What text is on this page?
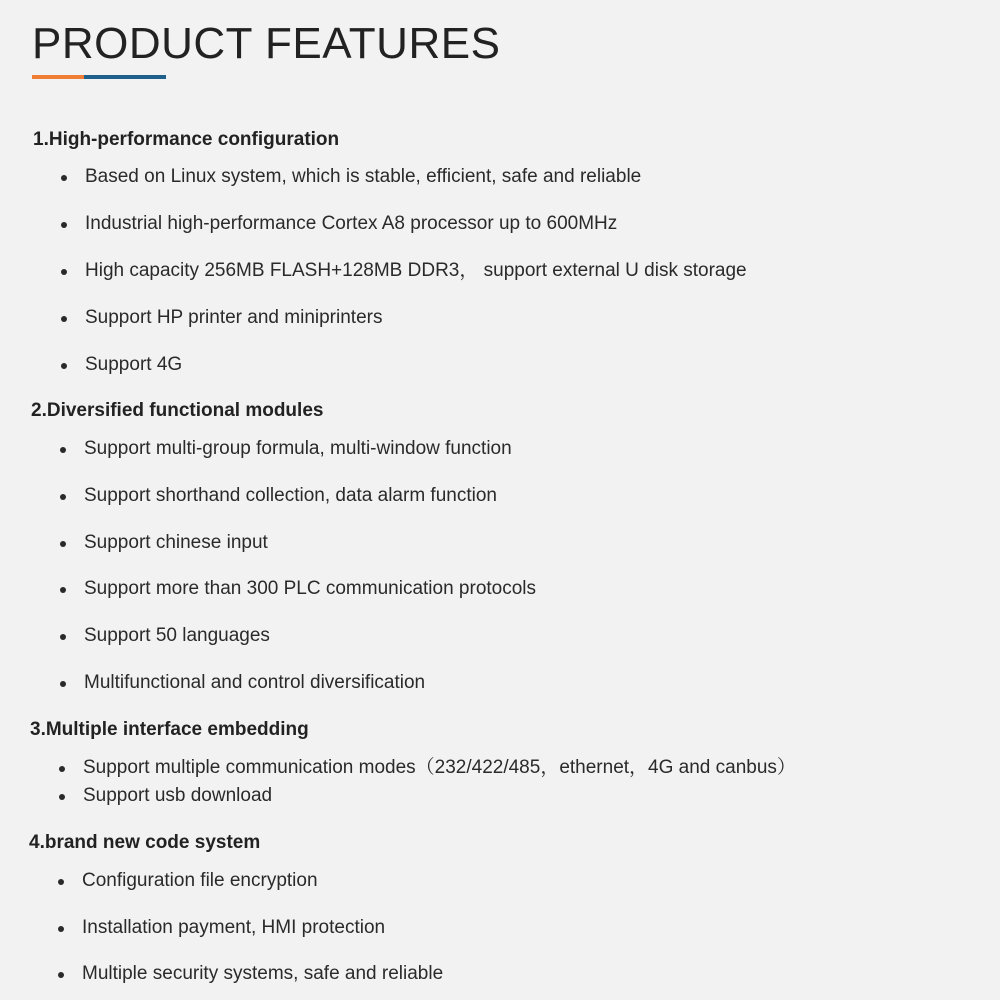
PRODUCT FEATURES
1.High-performance configuration
Based on Linux system, which is stable, efficient, safe and reliable
Industrial high-performance Cortex A8 processor up to 600MHz
High capacity 256MB FLASH+128MB DDR3， support external U disk storage
Support HP printer and miniprinters
Support 4G
2.Diversified functional modules
Support multi-group formula, multi-window function
Support shorthand collection, data alarm function
Support chinese input
Support more than 300 PLC communication protocols
Support 50 languages
Multifunctional and control diversification
3.Multiple interface embedding
Support multiple communication modes（232/422/485，ethernet，4G and canbus）
Support usb download
4.brand new code system
Configuration file encryption
Installation payment, HMI protection
Multiple security systems, safe and reliable
